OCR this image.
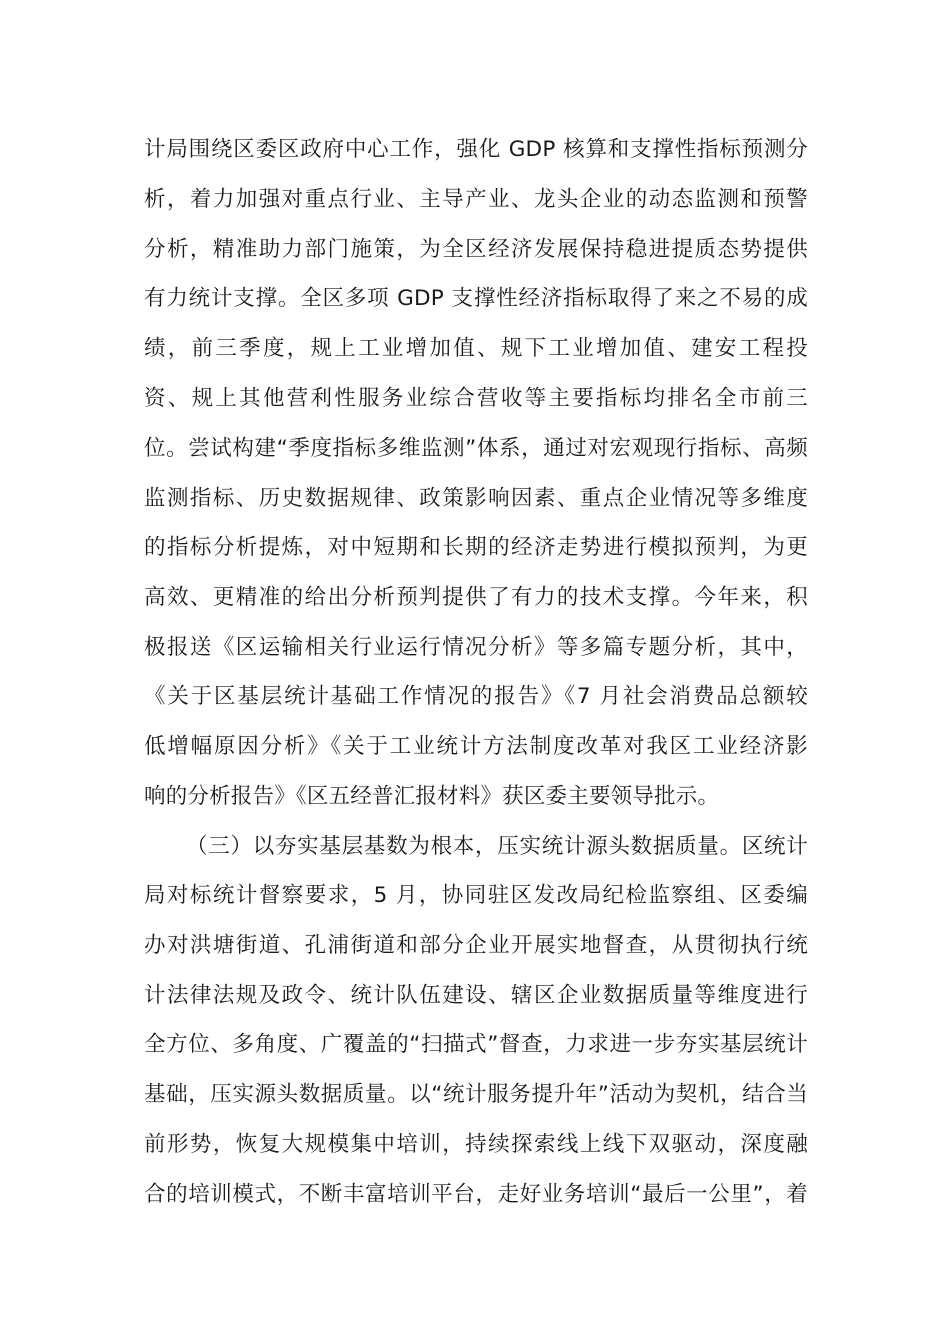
计局围绕区委区政府中心工作，强化 GDP 核算和支撑性指标预测分
析，着力加强对重点行业、主导产业、龙头企业的动态监测和预警
分析，精准助力部门施策，为全区经济发展保持稳进提质态势提供
有力统计支撑。全区多项 GDP 支撑性经济指标取得了来之不易的成
绩，前三季度，规上工业增加值、规下工业增加值、建安工程投
资、规上其他营利性服务业综合营收等主要指标均排名全市前三
位。尝试构建“季度指标多维监测”体系，通过对宏观现行指标、高频
监测指标、历史数据规律、政策影响因素、重点企业情况等多维度
的指标分析提炼，对中短期和长期的经济走势进行模拟预判，为更
高效、更精准的给出分析预判提供了有力的技术支撑。今年来，积
极报送《区运输相关行业运行情况分析》等多篇专题分析，其中，
《关于区基层统计基础工作情况的报告》《7 月社会消费品总额较
低增幅原因分析》《关于工业统计方法制度改革对我区工业经济影
响的分析报告》《区五经普汇报材料》获区委主要领导批示。
（三）以夯实基层基数为根本，压实统计源头数据质量。区统计
局对标统计督察要求，5 月，协同驻区发改局纪检监察组、区委编
办对洪塘街道、孔浦街道和部分企业开展实地督查，从贯彻执行统
计法律法规及政令、统计队伍建设、辖区企业数据质量等维度进行
全方位、多角度、广覆盖的“扫描式”督查，力求进一步夯实基层统计
基础，压实源头数据质量。以“统计服务提升年”活动为契机，结合当
前形势，恢复大规模集中培训，持续探索线上线下双驱动，深度融
合的培训模式，不断丰富培训平台，走好业务培训“最后一公里”，着
